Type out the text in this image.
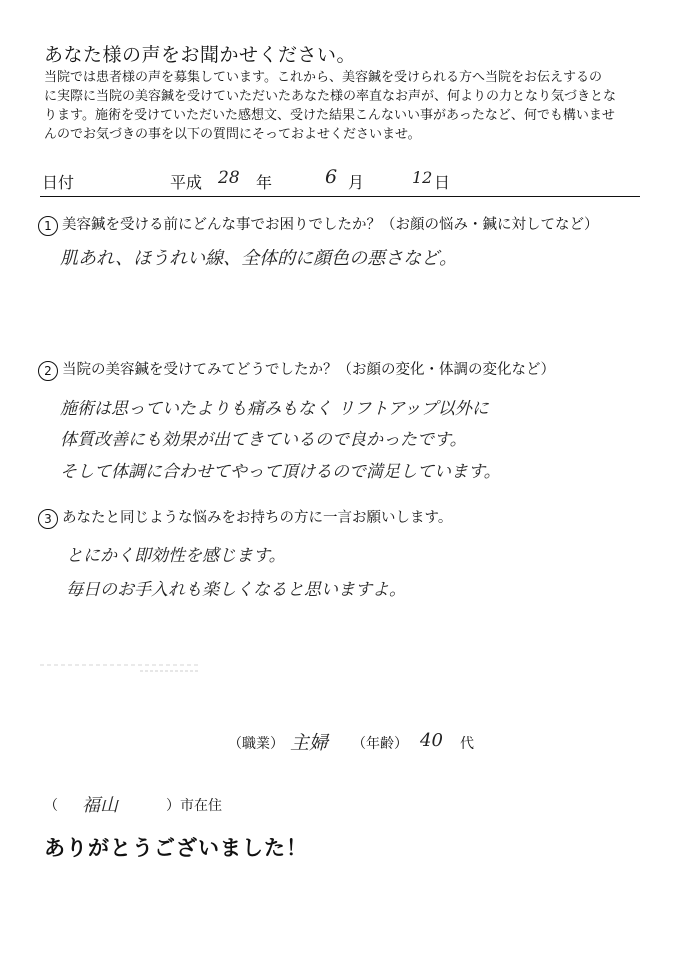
あなた様の声をお聞かせください。
当院では患者様の声を募集しています。これから、美容鍼を受けられる方へ当院をお伝えするの
に実際に当院の美容鍼を受けていただいたあなた様の率直なお声が、何よりの力となり気づきとな
ります。施術を受けていただいた感想文、受けた結果こんないい事があったなど、何でも構いませ
んのでお気づきの事を以下の質問にそっておよせくださいませ。
日付	平成 28 年	6 月	12 日
1 美容鍼を受ける前にどんな事でお困りでしたか？（お顔の悩み・鍼に対してなど）
肌あれ、ほうれい線、全体的に顔色の悪さなど。
2 当院の美容鍼を受けてみてどうでしたか？（お顔の変化・体調の変化など）
施術は思っていたよりも痛みもなく リフトアップ以外に
体質改善にも効果が出てきているので良かったです。
そして体調に合わせてやって頂けるので満足しています。
3 あなたと同じような悩みをお持ちの方に一言お願いします。
とにかく即効性を感じます。
毎日のお手入れも楽しくなると思いますよ。
（職業） 主婦 （年齢） 40 代
（ 福山	）市在住
ありがとうございました！
